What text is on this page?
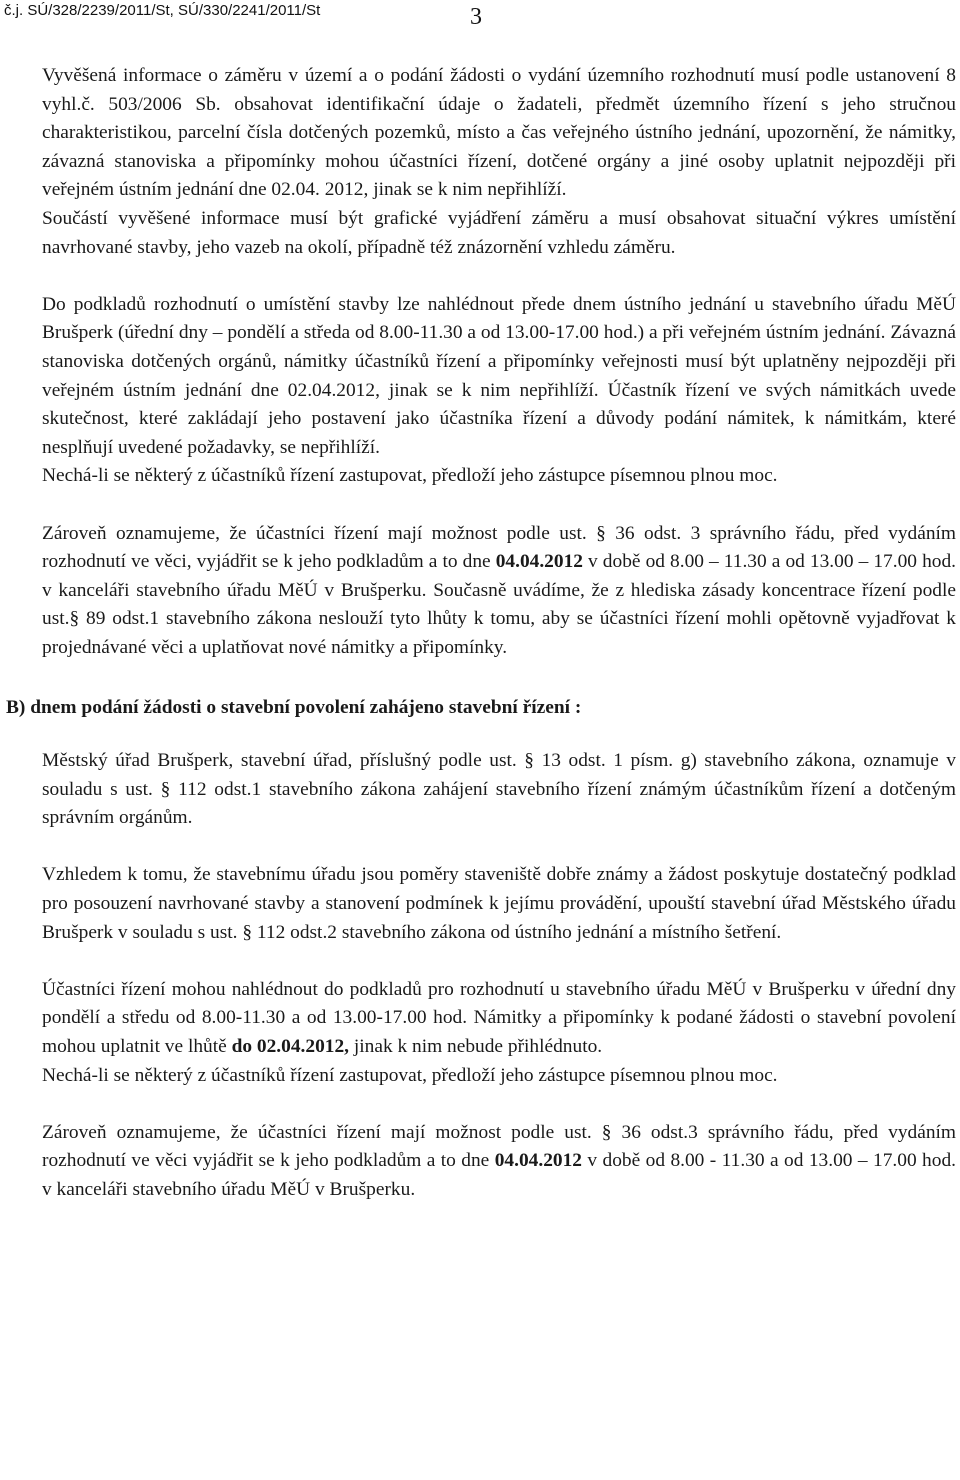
č.j. SÚ/328/2239/2011/St, SÚ/330/2241/2011/St	3

Vyvěšená informace o záměru v území a o podání žádosti o vydání územního rozhodnutí musí podle ustanovení 8 vyhl.č. 503/2006 Sb. obsahovat identifikační údaje o žadateli, předmět územního řízení s jeho stručnou charakteristikou, parcelní čísla dotčených pozemků, místo a čas veřejného ústního jednání, upozornění, že námitky, závazná stanoviska a připomínky mohou účastníci řízení, dotčené orgány a jiné osoby uplatnit nejpozději při veřejném ústním jednání dne 02.04. 2012, jinak se k nim nepřihlíží.

Součástí vyvěšené informace musí být grafické vyjádření záměru a musí obsahovat situační výkres umístění navrhované stavby, jeho vazeb na okolí, případně též znázornění vzhledu záměru.

Do podkladů rozhodnutí o umístění stavby lze nahlédnout přede dnem ústního jednání u stavebního úřadu MěÚ Brušperk (úřední dny – pondělí a středa od 8.00-11.30 a od 13.00-17.00 hod.) a při veřejném ústním jednání. Závazná stanoviska dotčených orgánů, námitky účastníků řízení a připomínky veřejnosti musí být uplatněny nejpozději při veřejném ústním jednání dne 02.04.2012, jinak se k nim nepřihlíží. Účastník řízení ve svých námitkách uvede skutečnost, které zakládají jeho postavení jako účastníka řízení a důvody podání námitek, k námitkám, které nesplňují uvedené požadavky, se nepřihlíží.

Nechá-li se některý z účastníků řízení zastupovat, předloží jeho zástupce písemnou plnou moc.

Zároveň oznamujeme, že účastníci řízení mají možnost podle ust. § 36 odst. 3 správního řádu, před vydáním rozhodnutí ve věci, vyjádřit se k jeho podkladům a to dne 04.04.2012 v době od 8.00 – 11.30 a od 13.00 – 17.00 hod. v kanceláři stavebního úřadu MěÚ v Brušperku. Současně uvádíme, že z hlediska zásady koncentrace řízení podle ust.§ 89 odst.1 stavebního zákona neslouží tyto lhůty k tomu, aby se účastníci řízení mohli opětovně vyjadřovat k projednávané věci a uplatňovat nové námitky a připomínky.

B) dnem podání žádosti o stavební povolení zahájeno stavební řízení :

Městský úřad Brušperk, stavební úřad, příslušný podle ust. § 13 odst. 1 písm. g) stavebního zákona, oznamuje v souladu s ust. § 112 odst.1 stavebního zákona zahájení stavebního řízení známým účastníkům řízení a dotčeným správním orgánům.

Vzhledem k tomu, že stavebnímu úřadu jsou poměry staveniště dobře známy a žádost poskytuje dostatečný podklad pro posouzení navrhované stavby a stanovení podmínek k jejímu provádění, upouští stavební úřad Městského úřadu Brušperk v souladu s ust. § 112 odst.2 stavebního zákona od ústního jednání a místního šetření.

Účastníci řízení mohou nahlédnout do podkladů pro rozhodnutí u stavebního úřadu MěÚ v Brušperku v úřední dny pondělí a středu od 8.00-11.30 a od 13.00-17.00 hod. Námitky a připomínky k podané žádosti o stavební povolení mohou uplatnit ve lhůtě do 02.04.2012, jinak k nim nebude přihlédnuto.

Nechá-li se některý z účastníků řízení zastupovat, předloží jeho zástupce písemnou plnou moc.

Zároveň oznamujeme, že účastníci řízení mají možnost podle ust. § 36 odst.3 správního řádu, před vydáním rozhodnutí ve věci vyjádřit se k jeho podkladům a to dne 04.04.2012 v době od 8.00 - 11.30 a od 13.00 – 17.00 hod. v kanceláři stavebního úřadu MěÚ v Brušperku.
